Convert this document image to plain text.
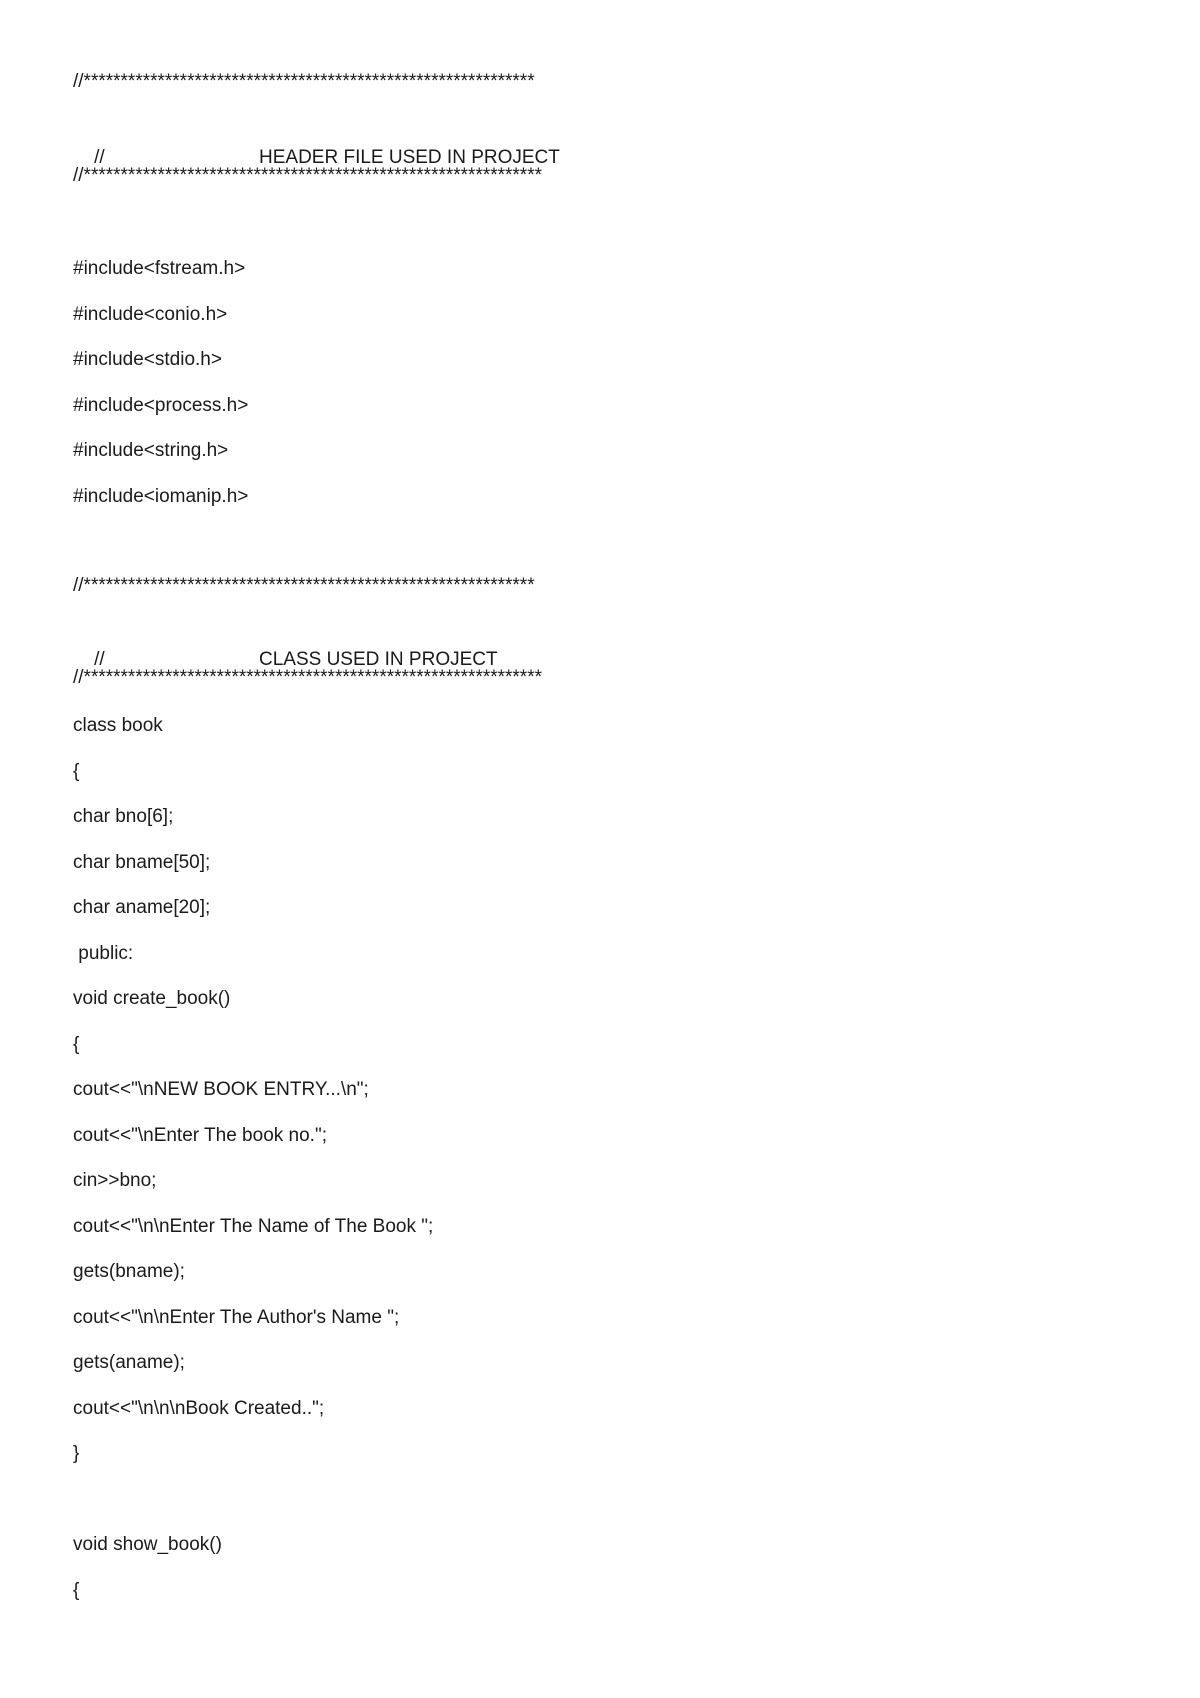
//*************************************************************

//	HEADER FILE USED IN PROJECT

//**************************************************************

#include<fstream.h>

#include<conio.h>

#include<stdio.h>

#include<process.h>

#include<string.h>

#include<iomanip.h>

//*************************************************************

//	CLASS USED IN PROJECT

//**************************************************************

class book

{

char bno[6];

char bname[50];

char aname[20];

public:

void create_book()

{

cout<<"\nNEW BOOK ENTRY...\n";

cout<<"\nEnter The book no.";

cin>>bno;

cout<<"\n\nEnter The Name of The Book ";

gets(bname);

cout<<"\n\nEnter The Author's Name ";

gets(aname);

cout<<"\n\n\nBook Created..";

}

void show_book()

{
